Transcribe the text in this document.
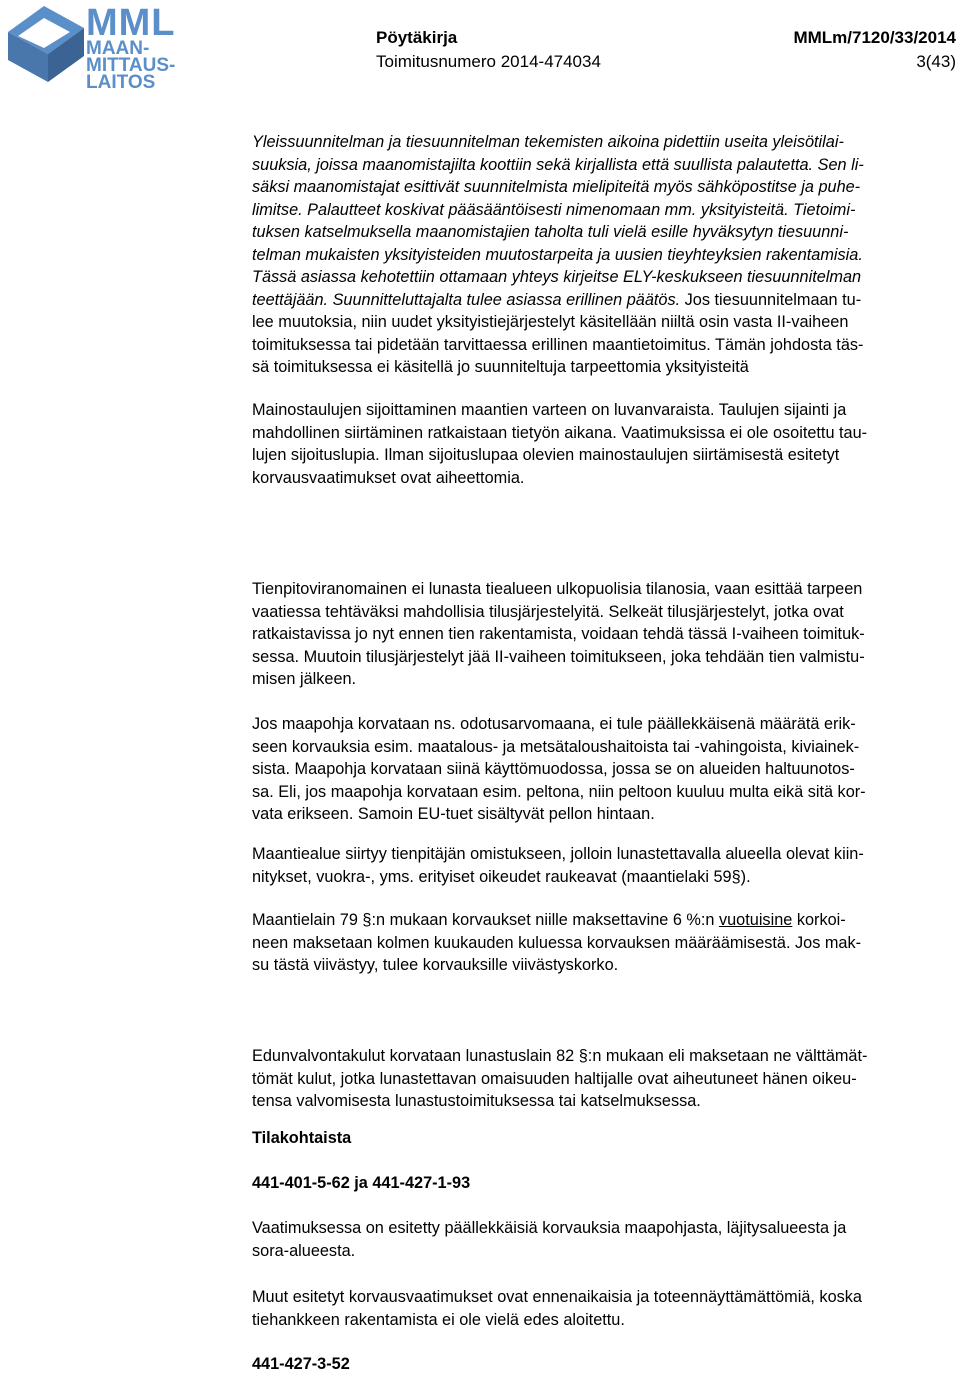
MML
MAAN-
MITTAUS-
LAITOS
Pöytäkirja
Toimitusnumero 2014-474034
MMLm/7120/33/2014
3(43)

Yleissuunnitelman ja tiesuunnitelman tekemisten aikoina pidettiin useita yleisötilai-
suuksia, joissa maanomistajilta koottiin sekä kirjallista että suullista palautetta. Sen li-
säksi maanomistajat esittivät suunnitelmista mielipiteitä myös sähköpostitse ja puhe-
limitse. Palautteet koskivat pääsääntöisesti nimenomaan mm. yksityisteitä. Tietoimi-
tuksen katselmuksella maanomistajien taholta tuli vielä esille hyväksytyn tiesuunni-
telman mukaisten yksityisteiden muutostarpeita ja uusien tieyhteyksien rakentamisia.
Tässä asiassa kehotettiin ottamaan yhteys kirjeitse ELY-keskukseen tiesuunnitelman
teettäjään. Suunnitteluttajalta tulee asiassa erillinen päätös. Jos tiesuunnitelmaan tu-
lee muutoksia, niin uudet yksityistiejärjestelyt käsitellään niiltä osin vasta II-vaiheen
toimituksessa tai pidetään tarvittaessa erillinen maantietoimitus. Tämän johdosta täs-
sä toimituksessa ei käsitellä jo suunniteltuja tarpeettomia yksityisteitä

Mainostaulujen sijoittaminen maantien varteen on luvanvaraista. Taulujen sijainti ja
mahdollinen siirtäminen ratkaistaan tietyön aikana. Vaatimuksissa ei ole osoitettu tau-
lujen sijoituslupia. Ilman sijoituslupaa olevien mainostaulujen siirtämisestä esitetyt
korvausvaatimukset ovat aiheettomia.

Tienpitoviranomainen ei lunasta tiealueen ulkopuolisia tilanosia, vaan esittää tarpeen
vaatiessa tehtäväksi mahdollisia tilusjärjestelyitä. Selkeät tilusjärjestelyt, jotka ovat
ratkaistavissa jo nyt ennen tien rakentamista, voidaan tehdä tässä I-vaiheen toimituk-
sessa. Muutoin tilusjärjestelyt jää II-vaiheen toimitukseen, joka tehdään tien valmistu-
misen jälkeen.

Jos maapohja korvataan ns. odotusarvomaana, ei tule päällekkäisenä määrätä erik-
seen korvauksia esim. maatalous- ja metsätaloushaitoista tai -vahingoista, kiviainek-
sista. Maapohja korvataan siinä käyttömuodossa, jossa se on alueiden haltuunotos-
sa. Eli, jos maapohja korvataan esim. peltona, niin peltoon kuuluu multa eikä sitä kor-
vata erikseen. Samoin EU-tuet sisältyvät pellon hintaan.

Maantiealue siirtyy tienpitäjän omistukseen, jolloin lunastettavalla alueella olevat kiin-
nitykset, vuokra-, yms. erityiset oikeudet raukeavat (maantielaki 59§).

Maantielain 79 §:n mukaan korvaukset niille maksettavine 6 %:n vuotuisine korkoi-
neen maksetaan kolmen kuukauden kuluessa korvauksen määräämisestä. Jos mak-
su tästä viivästyy, tulee korvauksille viivästyskorko.

Edunvalvontakulut korvataan lunastuslain 82 §:n mukaan eli maksetaan ne välttämät-
tömät kulut, jotka lunastettavan omaisuuden haltijalle ovat aiheutuneet hänen oikeu-
tensa valvomisesta lunastustoimituksessa tai katselmuksessa.

Tilakohtaista

441-401-5-62 ja 441-427-1-93

Vaatimuksessa on esitetty päällekkäisiä korvauksia maapohjasta, läjitysalueesta ja
sora-alueesta.

Muut esitetyt korvausvaatimukset ovat ennenaikaisia ja toteennäyttämättömiä, koska
tiehankkeen rakentamista ei ole vielä edes aloitettu.

441-427-3-52
